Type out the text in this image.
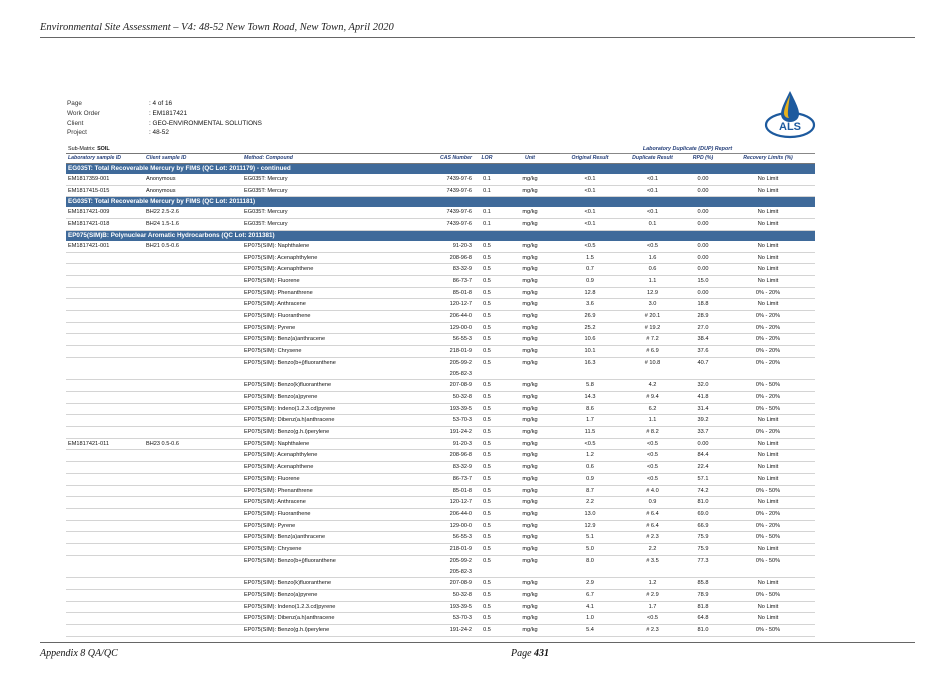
Environmental Site Assessment – V4: 48-52 New Town Road, New Town, April 2020
Page	: 4 of 16
Work Order	: EM1817421
Client	: GEO-ENVIRONMENTAL SOLUTIONS
Project	: 48-52	ALS
Sub-Matrix: SOIL						Laboratory Duplicate (DUP) Report			
Laboratory sample ID	Client sample ID	Method: Compound	CAS Number	LOR	Unit	Original Result	Duplicate Result	RPD (%)	Recovery Limits (%)
EG035T: Total Recoverable Mercury by FIMS (QC Lot: 2011179) - continued									
EM1817359-001	Anonymous	EG035T: Mercury	7439-97-6	0.1	mg/kg	<0.1	<0.1	0.00	No Limit
EM1817415-015	Anonymous	EG035T: Mercury	7439-97-6	0.1	mg/kg	<0.1	<0.1	0.00	No Limit
EG035T: Total Recoverable Mercury by FIMS (QC Lot: 2011181)									
EM1817421-009	BH22 2.5-2.6	EG035T: Mercury	7439-97-6	0.1	mg/kg	<0.1	<0.1	0.00	No Limit
EM1817421-018	BH24 1.5-1.6	EG035T: Mercury	7439-97-6	0.1	mg/kg	<0.1	0.1	0.00	No Limit
EP075(SIM)B: Polynuclear Aromatic Hydrocarbons (QC Lot: 2011381)									
EM1817421-001	BH21 0.5-0.6	EP075(SIM): Naphthalene	91-20-3	0.5	mg/kg	<0.5	<0.5	0.00	No Limit
		EP075(SIM): Acenaphthylene	208-96-8	0.5	mg/kg	1.5	1.6	0.00	No Limit
		EP075(SIM): Acenaphthene	83-32-9	0.5	mg/kg	0.7	0.6	0.00	No Limit
		EP075(SIM): Fluorene	86-73-7	0.5	mg/kg	0.9	1.1	15.0	No Limit
		EP075(SIM): Phenanthrene	85-01-8	0.5	mg/kg	12.8	12.9	0.00	0% - 20%
		EP075(SIM): Anthracene	120-12-7	0.5	mg/kg	3.6	3.0	18.8	No Limit
		EP075(SIM): Fluoranthene	206-44-0	0.5	mg/kg	26.9	# 20.1	28.9	0% - 20%
		EP075(SIM): Pyrene	129-00-0	0.5	mg/kg	25.2	# 19.2	27.0	0% - 20%
		EP075(SIM): Benz(a)anthracene	56-55-3	0.5	mg/kg	10.6	# 7.2	38.4	0% - 20%
		EP075(SIM): Chrysene	218-01-9	0.5	mg/kg	10.1	# 6.9	37.6	0% - 20%
		EP075(SIM): Benzo(b+j)fluoranthene	205-99-2
205-82-3	0.5	mg/kg	16.3	# 10.8	40.7	0% - 20%
		EP075(SIM): Benzo(k)fluoranthene	207-08-9	0.5	mg/kg	5.8	4.2	32.0	0% - 50%
		EP075(SIM): Benzo(a)pyrene	50-32-8	0.5	mg/kg	14.3	# 9.4	41.8	0% - 20%
		EP075(SIM): Indeno(1.2.3.cd)pyrene	193-39-5	0.5	mg/kg	8.6	6.2	31.4	0% - 50%
		EP075(SIM): Dibenz(a.h)anthracene	53-70-3	0.5	mg/kg	1.7	1.1	39.2	No Limit
		EP075(SIM): Benzo(g.h.i)perylene	191-24-2	0.5	mg/kg	11.5	# 8.2	33.7	0% - 20%
EM1817421-011	BH23 0.5-0.6	EP075(SIM): Naphthalene	91-20-3	0.5	mg/kg	<0.5	<0.5	0.00	No Limit
		EP075(SIM): Acenaphthylene	208-96-8	0.5	mg/kg	1.2	<0.5	84.4	No Limit
		EP075(SIM): Acenaphthene	83-32-9	0.5	mg/kg	0.6	<0.5	22.4	No Limit
		EP075(SIM): Fluorene	86-73-7	0.5	mg/kg	0.9	<0.5	57.1	No Limit
		EP075(SIM): Phenanthrene	85-01-8	0.5	mg/kg	8.7	# 4.0	74.2	0% - 50%
		EP075(SIM): Anthracene	120-12-7	0.5	mg/kg	2.2	0.9	81.0	No Limit
		EP075(SIM): Fluoranthene	206-44-0	0.5	mg/kg	13.0	# 6.4	69.0	0% - 20%
		EP075(SIM): Pyrene	129-00-0	0.5	mg/kg	12.9	# 6.4	66.9	0% - 20%
		EP075(SIM): Benz(a)anthracene	56-55-3	0.5	mg/kg	5.1	# 2.3	75.9	0% - 50%
		EP075(SIM): Chrysene	218-01-9	0.5	mg/kg	5.0	2.2	75.9	No Limit
		EP075(SIM): Benzo(b+j)fluoranthene	205-99-2
205-82-3	0.5	mg/kg	8.0	# 3.5	77.3	0% - 50%
		EP075(SIM): Benzo(k)fluoranthene	207-08-9	0.5	mg/kg	2.9	1.2	85.8	No Limit
		EP075(SIM): Benzo(a)pyrene	50-32-8	0.5	mg/kg	6.7	# 2.9	78.9	0% - 50%
		EP075(SIM): Indeno(1.2.3.cd)pyrene	193-39-5	0.5	mg/kg	4.1	1.7	81.8	No Limit
		EP075(SIM): Dibenz(a.h)anthracene	53-70-3	0.5	mg/kg	1.0	<0.5	64.8	No Limit
		EP075(SIM): Benzo(g.h.i)perylene	191-24-2	0.5	mg/kg	5.4	# 2.3	81.0	0% - 50%
Appendix 8 QA/QC	Page 431
